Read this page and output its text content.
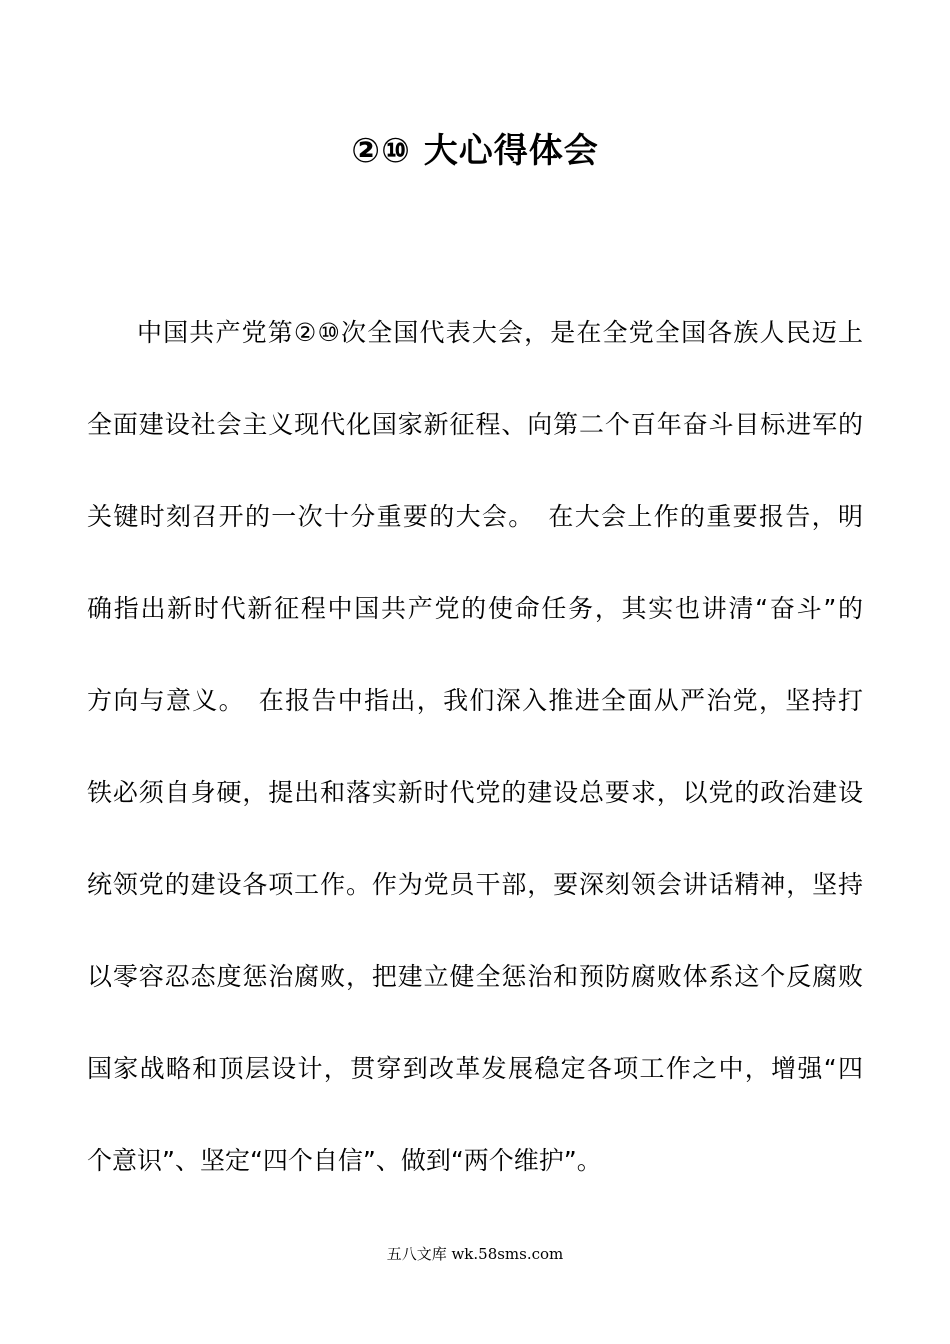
②⑩ 大心得体会
中国共产党第②⑩次全国代表大会，是在全党全国各族人民迈上
全面建设社会主义现代化国家新征程、向第二个百年奋斗目标进军的
关键时刻召开的一次十分重要的大会。　在大会上作的重要报告，明
确指出新时代新征程中国共产党的使命任务，其实也讲清“奋斗”的
方向与意义。　在报告中指出，我们深入推进全面从严治党，坚持打
铁必须自身硬，提出和落实新时代党的建设总要求，以党的政治建设
统领党的建设各项工作。作为党员干部，要深刻领会讲话精神，坚持
以零容忍态度惩治腐败，把建立健全惩治和预防腐败体系这个反腐败
国家战略和顶层设计，贯穿到改革发展稳定各项工作之中，增强“四
个意识”、坚定“四个自信”、做到“两个维护”。
五八文库 wk.58sms.com
